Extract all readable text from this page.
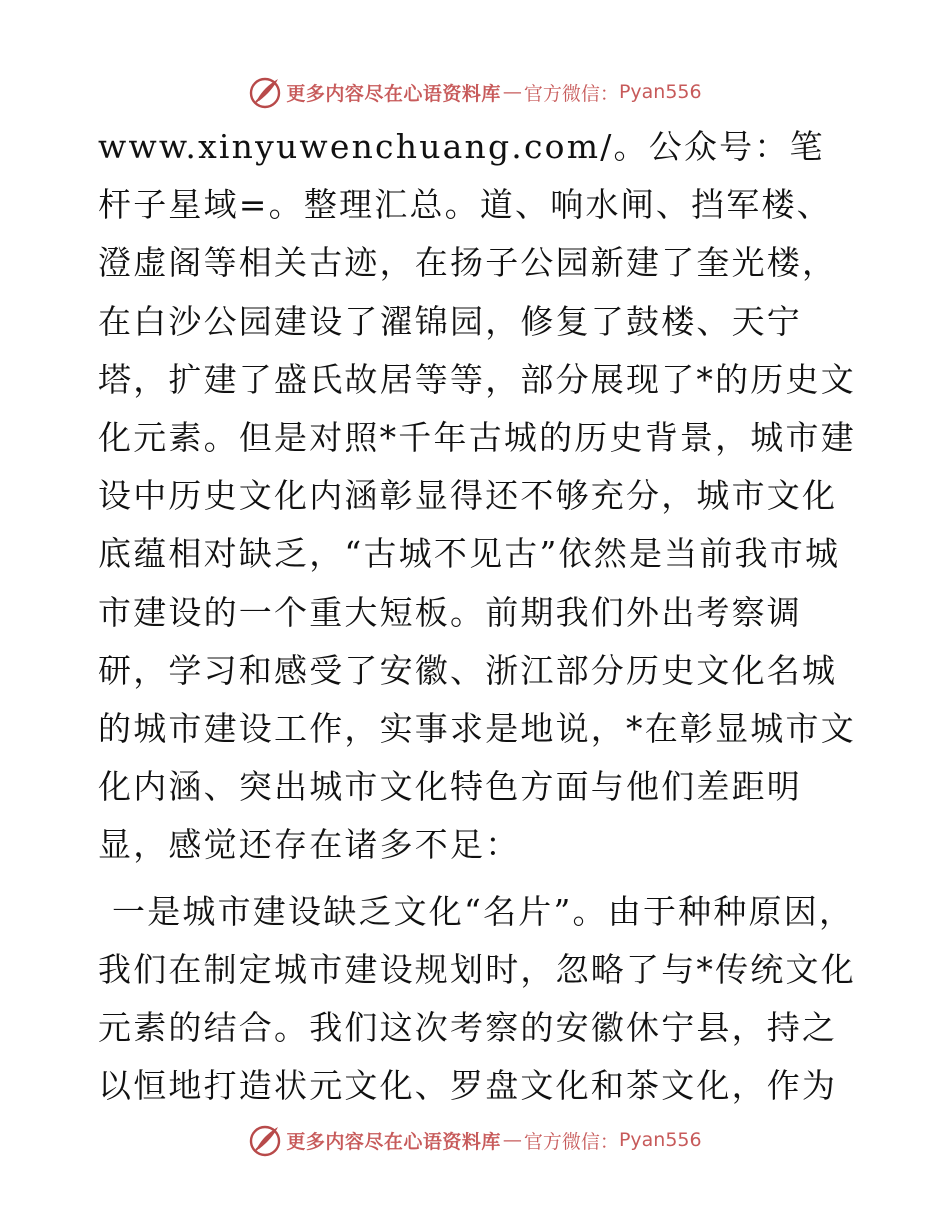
更多内容尽在心语资料库 — 官方微信： Pyan556

www.xinyuwenchuang.com/。公众号：笔杆子星域=。整理汇总。道、响水闸、挡军楼、澄虚阁等相关古迹，在扬子公园新建了奎光楼，在白沙公园建设了濯锦园，修复了鼓楼、天宁塔，扩建了盛氏故居等等，部分展现了*的历史文化元素。但是对照*千年古城的历史背景，城市建设中历史文化内涵彰显得还不够充分，城市文化底蕴相对缺乏，“古城不见古”依然是当前我市城市建设的一个重大短板。前期我们外出考察调研，学习和感受了安徽、浙江部分历史文化名城的城市建设工作，实事求是地说，*在彰显城市文化内涵、突出城市文化特色方面与他们差距明显，感觉还存在诸多不足：

一是城市建设缺乏文化“名片”。由于种种原因，我们在制定城市建设规划时，忽略了与*传统文化元素的结合。我们这次考察的安徽休宁县，持之以恒地打造状元文化、罗盘文化和茶文化，作为

更多内容尽在心语资料库 — 官方微信： Pyan556
